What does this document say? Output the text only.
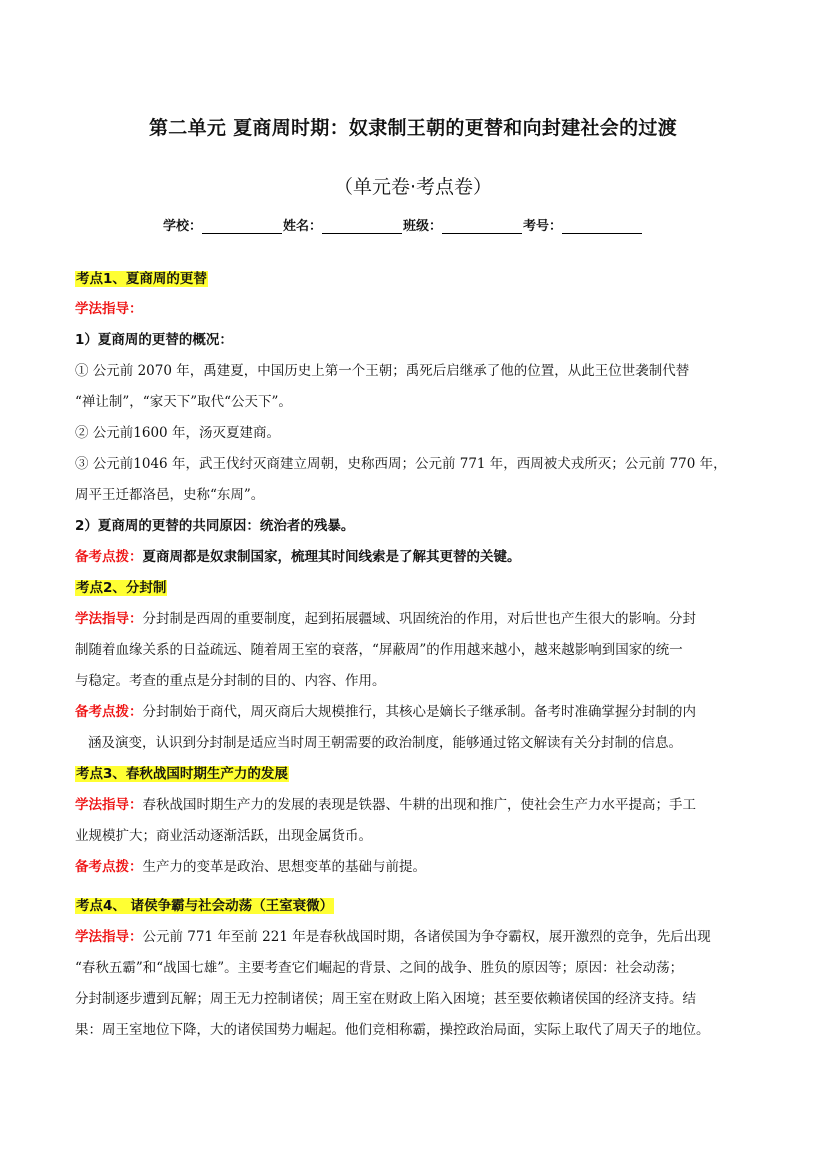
第二单元 夏商周时期：奴隶制王朝的更替和向封建社会的过渡
（单元卷·考点卷）
学校：	姓名：	班级：	考号：
考点1、夏商周的更替
学法指导：
1）夏商周的更替的概况：
① 公元前 2070 年，禹建夏，中国历史上第一个王朝；禹死后启继承了他的位置，从此王位世袭制代替
“禅让制”，“家天下”取代“公天下”。
② 公元前1600 年，汤灭夏建商。
③ 公元前1046 年，武王伐纣灭商建立周朝，史称西周；公元前 771 年，西周被犬戎所灭；公元前 770 年，
周平王迁都洛邑，史称“东周”。
2）夏商周的更替的共同原因：统治者的残暴。
备考点拨：夏商周都是奴隶制国家，梳理其时间线索是了解其更替的关键。
考点2、分封制
学法指导：分封制是西周的重要制度，起到拓展疆域、巩固统治的作用，对后世也产生很大的影响。分封
制随着血缘关系的日益疏远、随着周王室的衰落，“屏蔽周”的作用越来越小，越来越影响到国家的统一
与稳定。考查的重点是分封制的目的、内容、作用。
备考点拨：分封制始于商代，周灭商后大规模推行，其核心是嫡长子继承制。备考时准确掌握分封制的内
涵及演变，认识到分封制是适应当时周王朝需要的政治制度，能够通过铭文解读有关分封制的信息。
考点3、春秋战国时期生产力的发展
学法指导：春秋战国时期生产力的发展的表现是铁器、牛耕的出现和推广，使社会生产力水平提高；手工
业规模扩大；商业活动逐渐活跃，出现金属货币。
备考点拨：生产力的变革是政治、思想变革的基础与前提。
考点4、 诸侯争霸与社会动荡（王室衰微）
学法指导：公元前 771 年至前 221 年是春秋战国时期，各诸侯国为争夺霸权，展开激烈的竞争，先后出现
“春秋五霸”和“战国七雄”。主要考查它们崛起的背景、之间的战争、胜负的原因等；原因：社会动荡；
分封制逐步遭到瓦解；周王无力控制诸侯；周王室在财政上陷入困境；甚至要依赖诸侯国的经济支持。结
果：周王室地位下降，大的诸侯国势力崛起。他们竞相称霸，操控政治局面，实际上取代了周天子的地位。
